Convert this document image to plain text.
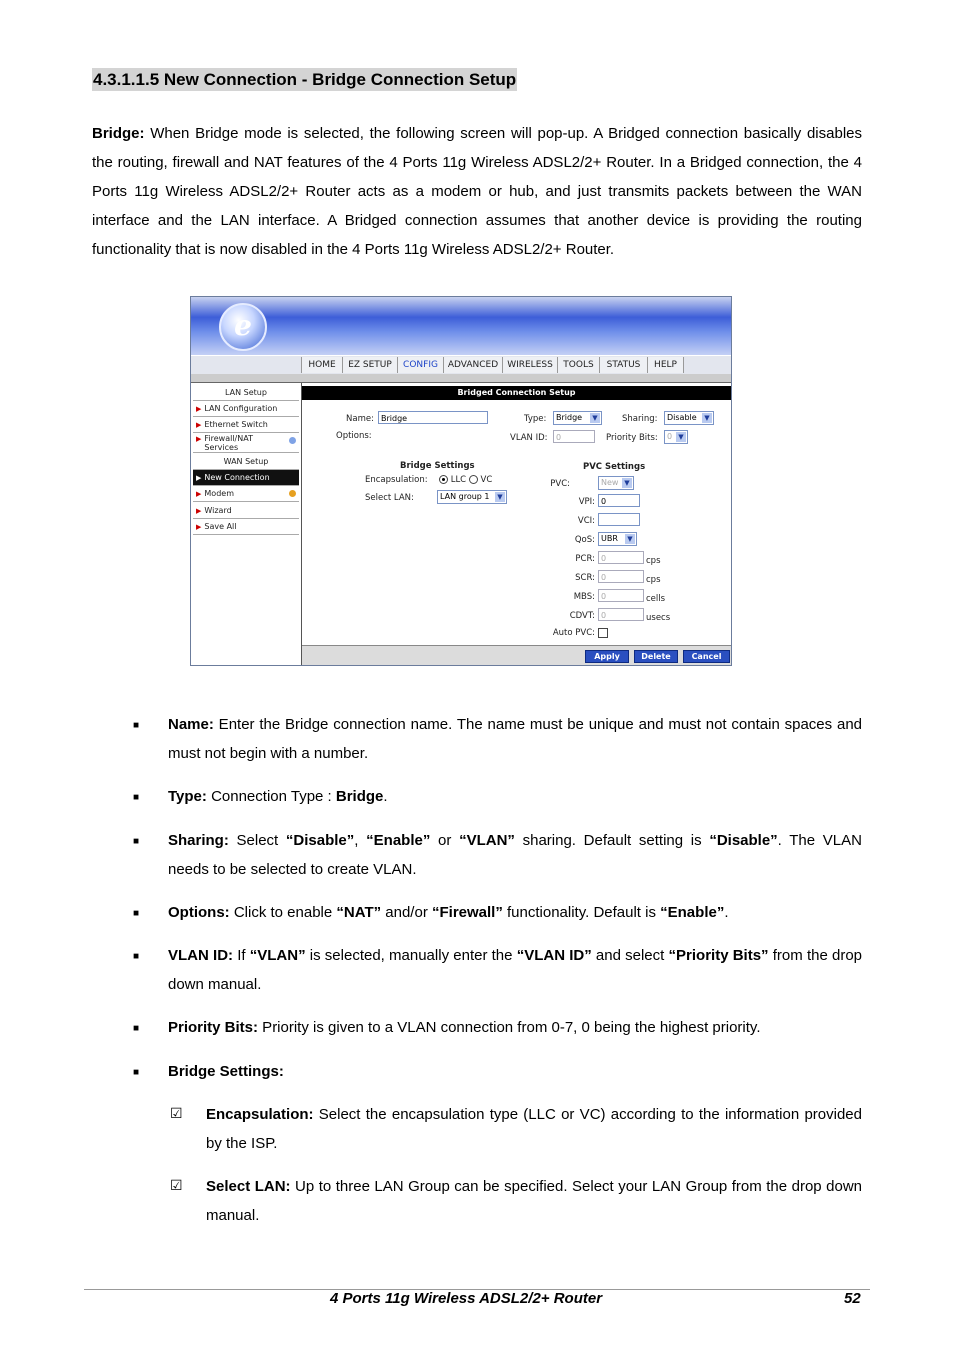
4.3.1.1.5 New Connection - Bridge Connection Setup
Bridge: When Bridge mode is selected, the following screen will pop-up. A Bridged connection basically disables the routing, firewall and NAT features of the 4 Ports 11g Wireless ADSL2/2+ Router. In a Bridged connection, the 4 Ports 11g Wireless ADSL2/2+ Router acts as a modem or hub, and just transmits packets between the WAN interface and the LAN interface. A Bridged connection assumes that another device is providing the routing functionality that is now disabled in the 4 Ports 11g Wireless ADSL2/2+ Router.
e
HOME	EZ SETUP	CONFIG	ADVANCED	WIRELESS	TOOLS	STATUS	HELP
LAN Setup
▶ LAN Configuration
▶ Ethernet Switch
▶ Firewall/NAT Services
WAN Setup
▶ New Connection
▶ Modem
▶ Wizard
▶ Save All
Bridged Connection Setup
Name: Bridge	Type:	Bridge	▼	Sharing:	Disable	▼
Options:	VLAN ID:	0	Priority Bits:	0 ▼
Bridge Settings
Encapsulation:	LLC VC
Select LAN:	LAN group 1	▼
PVC Settings
PVC:	New ▼
VPI: 0
VCI:
QoS: UBR	▼
PCR: 0	cps
SCR: 0	cps
MBS: 0	cells
CDVT: 0	usecs
Auto PVC:
Apply	Delete	Cancel
■ Name: Enter the Bridge connection name. The name must be unique and must not contain spaces and must not begin with a number.
■ Type: Connection Type : Bridge.
■ Sharing: Select “Disable”, “Enable” or “VLAN” sharing. Default setting is “Disable”. The VLAN needs to be selected to create VLAN.
■ Options: Click to enable “NAT” and/or “Firewall” functionality. Default is “Enable”.
■ VLAN ID: If “VLAN” is selected, manually enter the “VLAN ID” and select “Priority Bits” from the drop down manual.
■ Priority Bits: Priority is given to a VLAN connection from 0-7, 0 being the highest priority.
■ Bridge Settings:
☑ Encapsulation: Select the encapsulation type (LLC or VC) according to the information provided by the ISP.
☑ Select LAN: Up to three LAN Group can be specified. Select your LAN Group from the drop down manual.
4 Ports 11g Wireless ADSL2/2+ Router	52
